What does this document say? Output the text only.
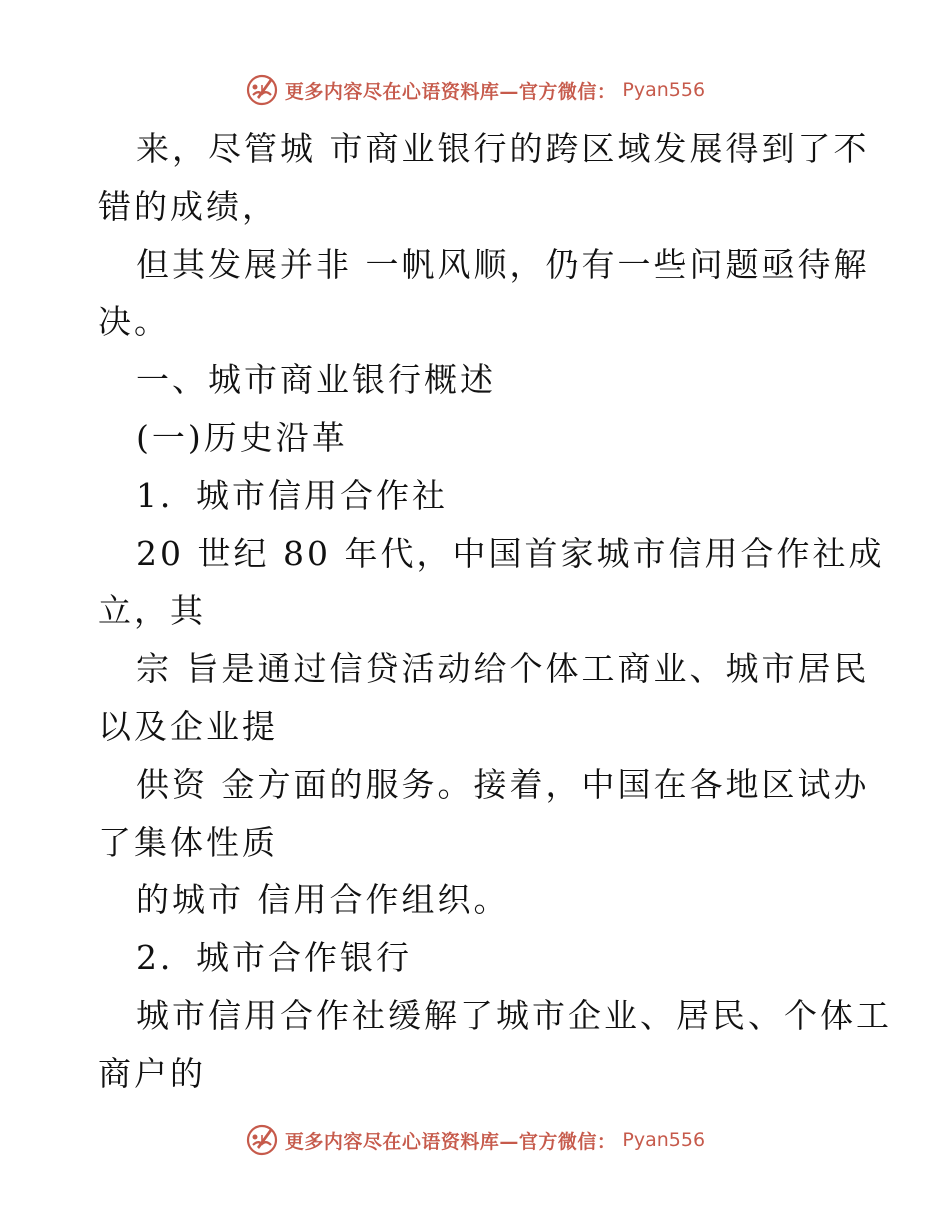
更多内容尽在心语资料库—官方微信： Pyan556
来，尽管城 市商业银行的跨区域发展得到了不
错的成绩，
但其发展并非 一帆风顺，仍有一些问题亟待解
决。
一、城市商业银行概述
(一)历史沿革
1．城市信用合作社
20 世纪 80 年代，中国首家城市信用合作社成
立，其
宗 旨是通过信贷活动给个体工商业、城市居民
以及企业提
供资 金方面的服务。接着，中国在各地区试办
了集体性质
的城市 信用合作组织。
2．城市合作银行
城市信用合作社缓解了城市企业、居民、个体工
商户的
更多内容尽在心语资料库—官方微信： Pyan556
